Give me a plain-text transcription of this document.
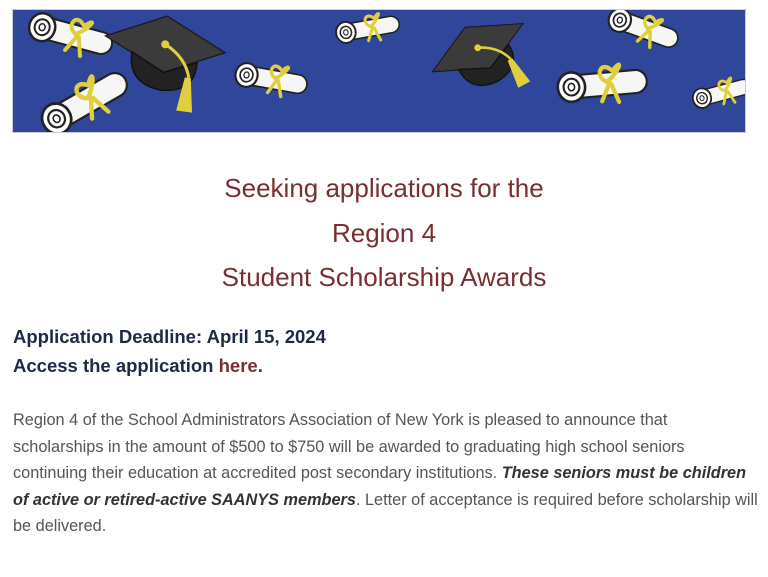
Seeking applications for the
Region 4
Student Scholarship Awards
Application Deadline: April 15, 2024
Access the application here.

Region 4 of the School Administrators Association of New York is pleased to announce that scholarships in the amount of $500 to $750 will be awarded to graduating high school seniors continuing their education at accredited post secondary institutions. These seniors must be children of active or retired-active SAANYS members. Letter of acceptance is required before scholarship will be delivered.
